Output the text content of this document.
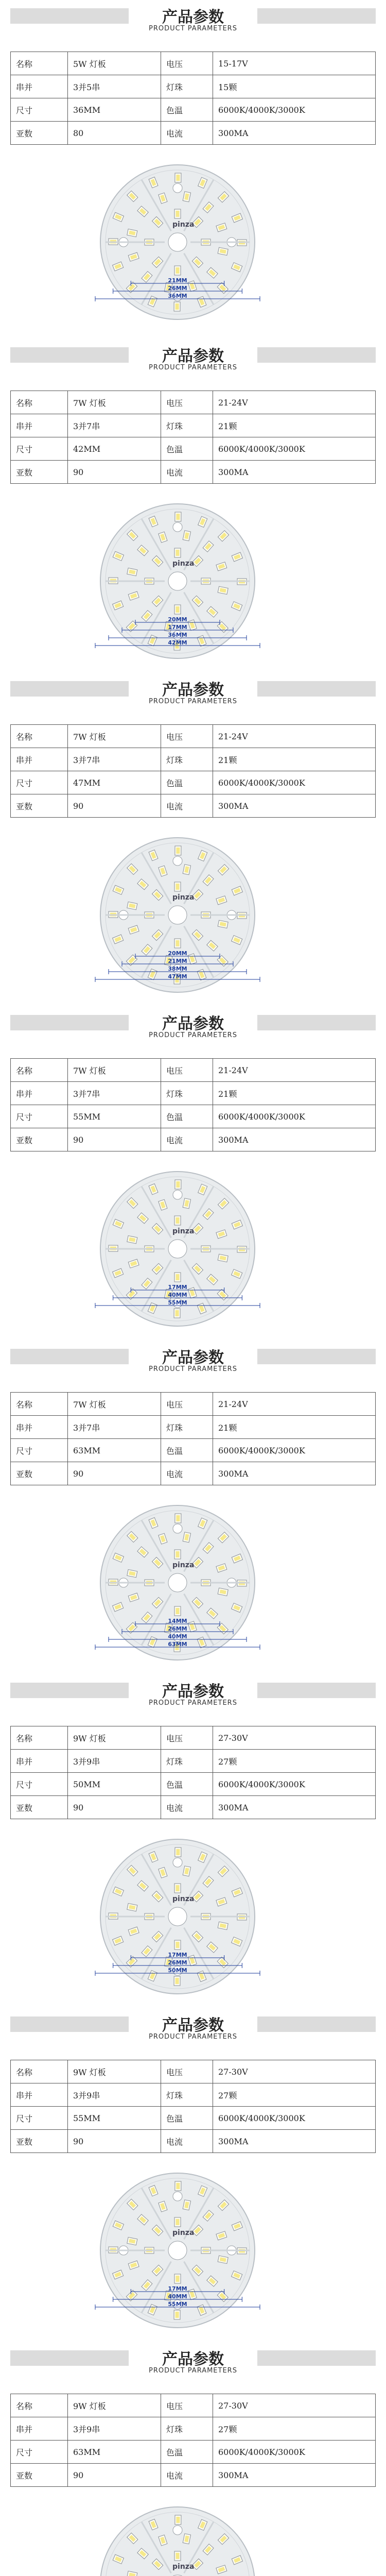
产品参数
PRODUCT PARAMETERS
名称	5W 灯板	电压	15-17V
串并	3并5串	灯珠	15颗
尺寸	36MM	色温	6000K/4000K/3000K
亚数	80	电流	300MA
pinza
21MM
26MM
36MM
产品参数
PRODUCT PARAMETERS
名称	7W 灯板	电压	21-24V
串并	3并7串	灯珠	21颗
尺寸	42MM	色温	6000K/4000K/3000K
亚数	90	电流	300MA
pinza
20MM
17MM
36MM
42MM
产品参数
PRODUCT PARAMETERS
名称	7W 灯板	电压	21-24V
串并	3并7串	灯珠	21颗
尺寸	47MM	色温	6000K/4000K/3000K
亚数	90	电流	300MA
pinza
20MM
21MM
38MM
47MM
产品参数
PRODUCT PARAMETERS
名称	7W 灯板	电压	21-24V
串并	3并7串	灯珠	21颗
尺寸	55MM	色温	6000K/4000K/3000K
亚数	90	电流	300MA
pinza
17MM
40MM
55MM
产品参数
PRODUCT PARAMETERS
名称	7W 灯板	电压	21-24V
串并	3并7串	灯珠	21颗
尺寸	63MM	色温	6000K/4000K/3000K
亚数	90	电流	300MA
pinza
14MM
26MM
40MM
63MM
产品参数
PRODUCT PARAMETERS
名称	9W 灯板	电压	27-30V
串并	3并9串	灯珠	27颗
尺寸	50MM	色温	6000K/4000K/3000K
亚数	90	电流	300MA
pinza
17MM
26MM
50MM
产品参数
PRODUCT PARAMETERS
名称	9W 灯板	电压	27-30V
串并	3并9串	灯珠	27颗
尺寸	55MM	色温	6000K/4000K/3000K
亚数	90	电流	300MA
pinza
17MM
40MM
55MM
产品参数
PRODUCT PARAMETERS
名称	9W 灯板	电压	27-30V
串并	3并9串	灯珠	27颗
尺寸	63MM	色温	6000K/4000K/3000K
亚数	90	电流	300MA
pinza
